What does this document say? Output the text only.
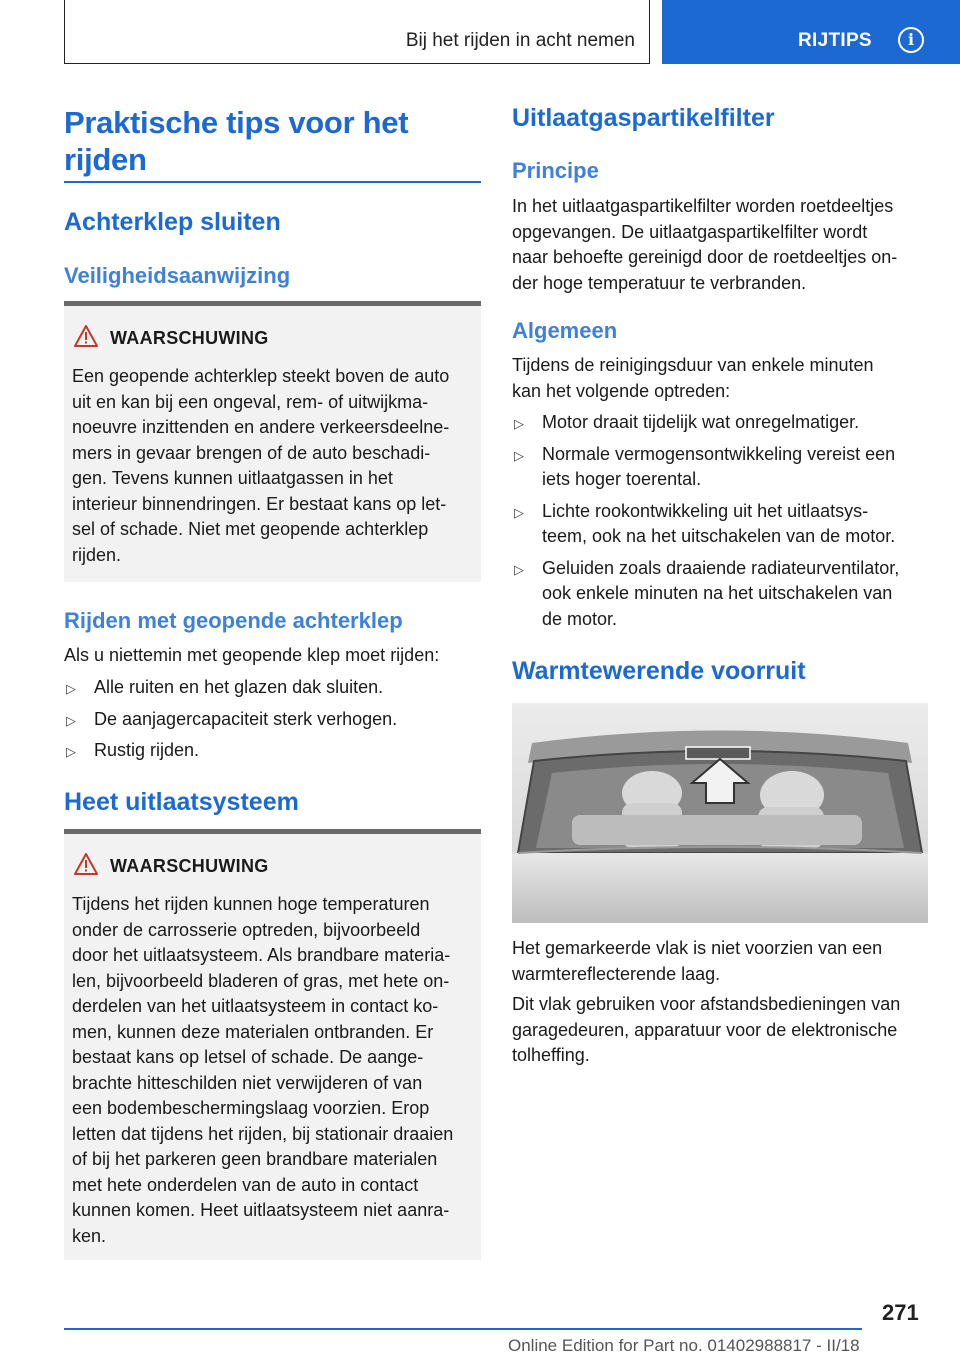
Bij het rijden in acht nemen	RIJTIPS	i
Praktische tips voor het
rijden
Achterklep sluiten
Veiligheidsaanwijzing
WAARSCHUWING
Een geopende achterklep steekt boven de auto
uit en kan bij een ongeval, rem- of uitwijkma-
noeuvre inzittenden en andere verkeersdeelne-
mers in gevaar brengen of de auto beschadi-
gen. Tevens kunnen uitlaatgassen in het
interieur binnendringen. Er bestaat kans op let-
sel of schade. Niet met geopende achterklep
rijden.
Rijden met geopende achterklep
Als u niettemin met geopende klep moet rijden:
▷ Alle ruiten en het glazen dak sluiten.
▷ De aanjagercapaciteit sterk verhogen.
▷ Rustig rijden.
Heet uitlaatsysteem
WAARSCHUWING
Tijdens het rijden kunnen hoge temperaturen
onder de carrosserie optreden, bijvoorbeeld
door het uitlaatsysteem. Als brandbare materia-
len, bijvoorbeeld bladeren of gras, met hete on-
derdelen van het uitlaatsysteem in contact ko-
men, kunnen deze materialen ontbranden. Er
bestaat kans op letsel of schade. De aange-
brachte hitteschilden niet verwijderen of van
een bodembeschermingslaag voorzien. Erop
letten dat tijdens het rijden, bij stationair draaien
of bij het parkeren geen brandbare materialen
met hete onderdelen van de auto in contact
kunnen komen. Heet uitlaatsysteem niet aanra-
ken.
Uitlaatgaspartikelfilter
Principe
In het uitlaatgaspartikelfilter worden roetdeeltjes
opgevangen. De uitlaatgaspartikelfilter wordt
naar behoefte gereinigd door de roetdeeltjes on-
der hoge temperatuur te verbranden.
Algemeen
Tijdens de reinigingsduur van enkele minuten
kan het volgende optreden:
▷ Motor draait tijdelijk wat onregelmatiger.
▷ Normale vermogensontwikkeling vereist een
iets hoger toerental.
▷ Lichte rookontwikkeling uit het uitlaatsys-
teem, ook na het uitschakelen van de motor.
▷ Geluiden zoals draaiende radiateurventilator,
ook enkele minuten na het uitschakelen van
de motor.
Warmtewerende voorruit
Het gemarkeerde vlak is niet voorzien van een
warmtereflecterende laag.
Dit vlak gebruiken voor afstandsbedieningen van
garagedeuren, apparatuur voor de elektronische
tolheffing.
271
Online Edition for Part no. 01402988817 - II/18
